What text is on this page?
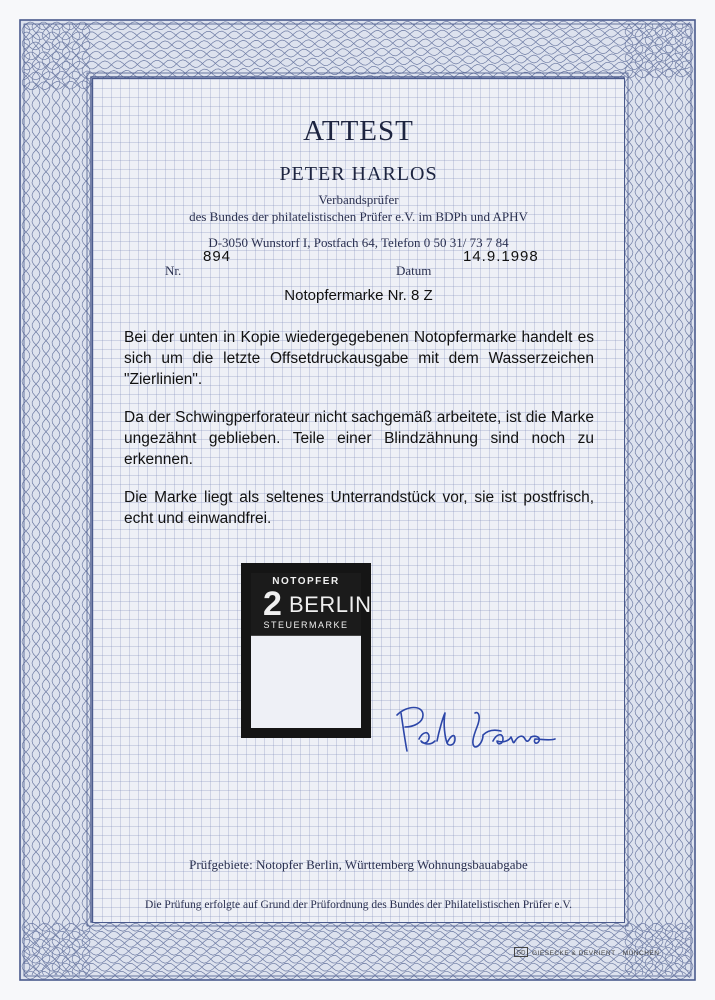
ATTEST
PETER HARLOS
Verbandsprüfer
des Bundes der philatelistischen Prüfer e.V. im BDPh und APHV
D-3050 Wunstorf I, Postfach 64, Telefon 0 50 31/ 73 7 84
Nr.
894
Datum
14.9.1998
Notopfermarke Nr. 8 Z
Bei der unten in Kopie wiedergegebenen Notopfermarke handelt es sich um die letzte Offsetdruckausgabe mit dem Wasserzeichen "Zierlinien".
Da der Schwingperforateur nicht sachgemäß arbeitete, ist die Marke ungezähnt geblieben. Teile einer Blindzähnung sind noch zu erkennen.
Die Marke liegt als seltenes Unterrandstück vor, sie ist postfrisch, echt und einwandfrei.
NOTOPFER
2 BERLIN
STEUERMARKE
Prüfgebiete: Notopfer Berlin, Württemberg Wohnungsbauabgabe
Die Prüfung erfolgte auf Grund der Prüfordnung des Bundes der Philatelistischen Prüfer e.V.
GD GIESECKE & DEVRIENT · MÜNCHEN
